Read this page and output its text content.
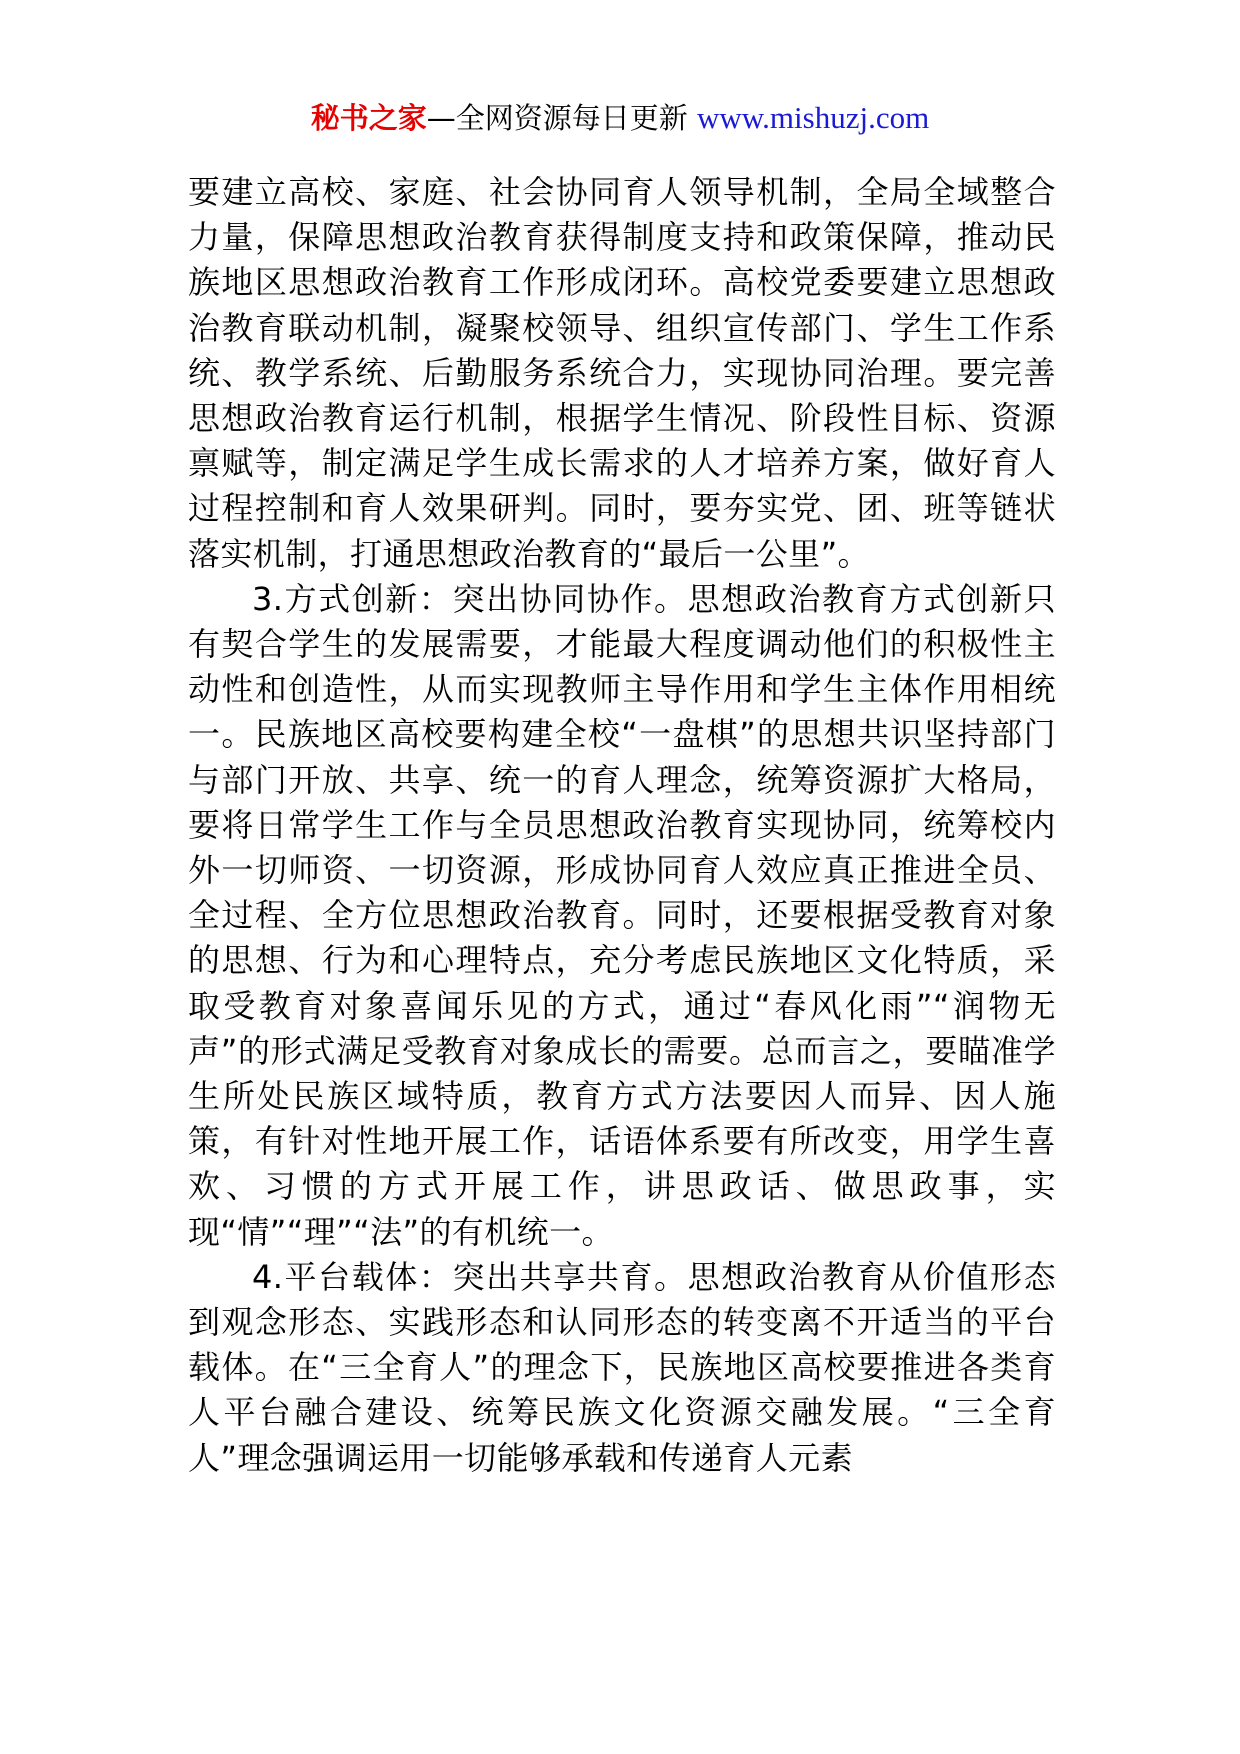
秘书之家—全网资源每日更新 www.mishuzj.com

要建立高校、家庭、社会协同育人领导机制，全局全域整合力量，保障思想政治教育获得制度支持和政策保障，推动民族地区思想政治教育工作形成闭环。高校党委要建立思想政治教育联动机制，凝聚校领导、组织宣传部门、学生工作系统、教学系统、后勤服务系统合力，实现协同治理。要完善思想政治教育运行机制，根据学生情况、阶段性目标、资源禀赋等，制定满足学生成长需求的人才培养方案，做好育人过程控制和育人效果研判。同时，要夯实党、团、班等链状落实机制，打通思想政治教育的“最后一公里”。

3.方式创新：突出协同协作。思想政治教育方式创新只有契合学生的发展需要，才能最大程度调动他们的积极性主动性和创造性，从而实现教师主导作用和学生主体作用相统一。民族地区高校要构建全校“一盘棋”的思想共识坚持部门与部门开放、共享、统一的育人理念，统筹资源扩大格局，要将日常学生工作与全员思想政治教育实现协同，统筹校内外一切师资、一切资源，形成协同育人效应真正推进全员、全过程、全方位思想政治教育。同时，还要根据受教育对象的思想、行为和心理特点，充分考虑民族地区文化特质，采取受教育对象喜闻乐见的方式，通过“春风化雨”“润物无声”的形式满足受教育对象成长的需要。总而言之，要瞄准学生所处民族区域特质，教育方式方法要因人而异、因人施策，有针对性地开展工作，话语体系要有所改变，用学生喜欢、习惯的方式开展工作，讲思政话、做思政事，实现“情”“理”“法”的有机统一。

4.平台载体：突出共享共育。思想政治教育从价值形态到观念形态、实践形态和认同形态的转变离不开适当的平台载体。在“三全育人”的理念下，民族地区高校要推进各类育人平台融合建设、统筹民族文化资源交融发展。“三全育人”理念强调运用一切能够承载和传递育人元素
